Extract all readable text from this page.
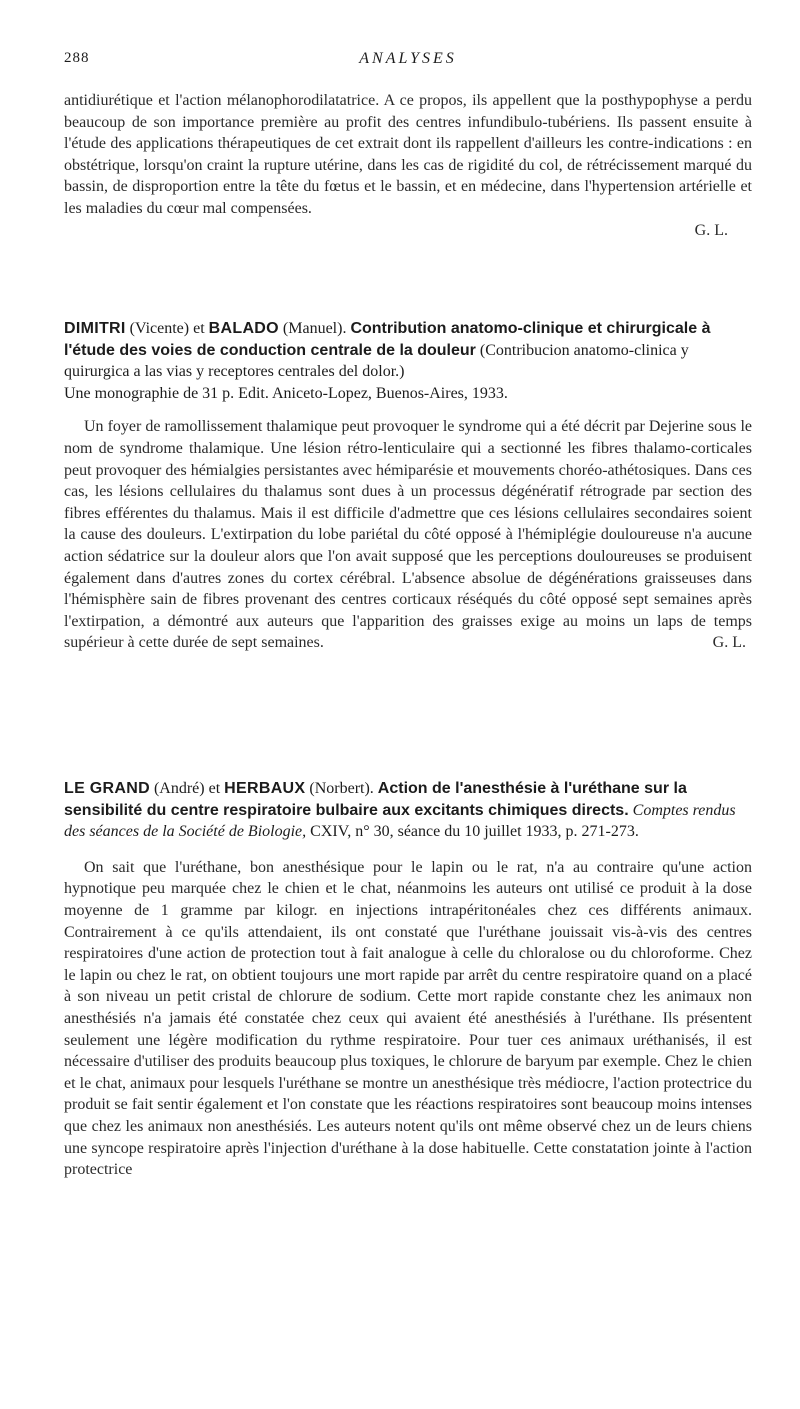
288	ANALYSES

antidiurétique et l'action mélanophorodilatatrice. A ce propos, ils appellent que la posthypophyse a perdu beaucoup de son importance première au profit des centres infundibulo-tubériens. Ils passent ensuite à l'étude des applications thérapeutiques de cet extrait dont ils rappellent d'ailleurs les contre-indications : en obstétrique, lorsqu'on craint la rupture utérine, dans les cas de rigidité du col, de rétrécissement marqué du bassin, de disproportion entre la tête du fœtus et le bassin, et en médecine, dans l'hypertension artérielle et les maladies du cœur mal compensées.

G. L.

DIMITRI (Vicente) et BALADO (Manuel). Contribution anatomo-clinique et chirurgicale à l'étude des voies de conduction centrale de la douleur (Contribucion anatomo-clinica y quirurgica a las vias y receptores centrales del dolor.)

Une monographie de 31 p. Edit. Aniceto-Lopez, Buenos-Aires, 1933.

Un foyer de ramollissement thalamique peut provoquer le syndrome qui a été décrit par Dejerine sous le nom de syndrome thalamique. Une lésion rétro-lenticulaire qui a sectionné les fibres thalamo-corticales peut provoquer des hémialgies persistantes avec hémiparésie et mouvements choréo-athétosiques. Dans ces cas, les lésions cellulaires du thalamus sont dues à un processus dégénératif rétrograde par section des fibres efférentes du thalamus. Mais il est difficile d'admettre que ces lésions cellulaires secondaires soient la cause des douleurs. L'extirpation du lobe pariétal du côté opposé à l'hémiplégie douloureuse n'a aucune action sédatrice sur la douleur alors que l'on avait supposé que les perceptions douloureuses se produisent également dans d'autres zones du cortex cérébral. L'absence absolue de dégénérations graisseuses dans l'hémisphère sain de fibres provenant des centres corticaux réséqués du côté opposé sept semaines après l'extirpation, a démontré aux auteurs que l'apparition des graisses exige au moins un laps de temps supérieur à cette durée de sept semaines.	G. L.

LE GRAND (André) et HERBAUX (Norbert). Action de l'anesthésie à l'uréthane sur la sensibilité du centre respiratoire bulbaire aux excitants chimiques directs. Comptes rendus des séances de la Société de Biologie, CXIV, n° 30, séance du 10 juillet 1933, p. 271-273.

On sait que l'uréthane, bon anesthésique pour le lapin ou le rat, n'a au contraire qu'une action hypnotique peu marquée chez le chien et le chat, néanmoins les auteurs ont utilisé ce produit à la dose moyenne de 1 gramme par kilogr. en injections intrapéritonéales chez ces différents animaux. Contrairement à ce qu'ils attendaient, ils ont constaté que l'uréthane jouissait vis-à-vis des centres respiratoires d'une action de protection tout à fait analogue à celle du chloralose ou du chloroforme. Chez le lapin ou chez le rat, on obtient toujours une mort rapide par arrêt du centre respiratoire quand on a placé à son niveau un petit cristal de chlorure de sodium. Cette mort rapide constante chez les animaux non anesthésiés n'a jamais été constatée chez ceux qui avaient été anesthésiés à l'uréthane. Ils présentent seulement une légère modification du rythme respiratoire. Pour tuer ces animaux uréthanisés, il est nécessaire d'utiliser des produits beaucoup plus toxiques, le chlorure de baryum par exemple. Chez le chien et le chat, animaux pour lesquels l'uréthane se montre un anesthésique très médiocre, l'action protectrice du produit se fait sentir également et l'on constate que les réactions respiratoires sont beaucoup moins intenses que chez les animaux non anesthésiés. Les auteurs notent qu'ils ont même observé chez un de leurs chiens une syncope respiratoire après l'injection d'uréthane à la dose habituelle. Cette constatation jointe à l'action protectrice
